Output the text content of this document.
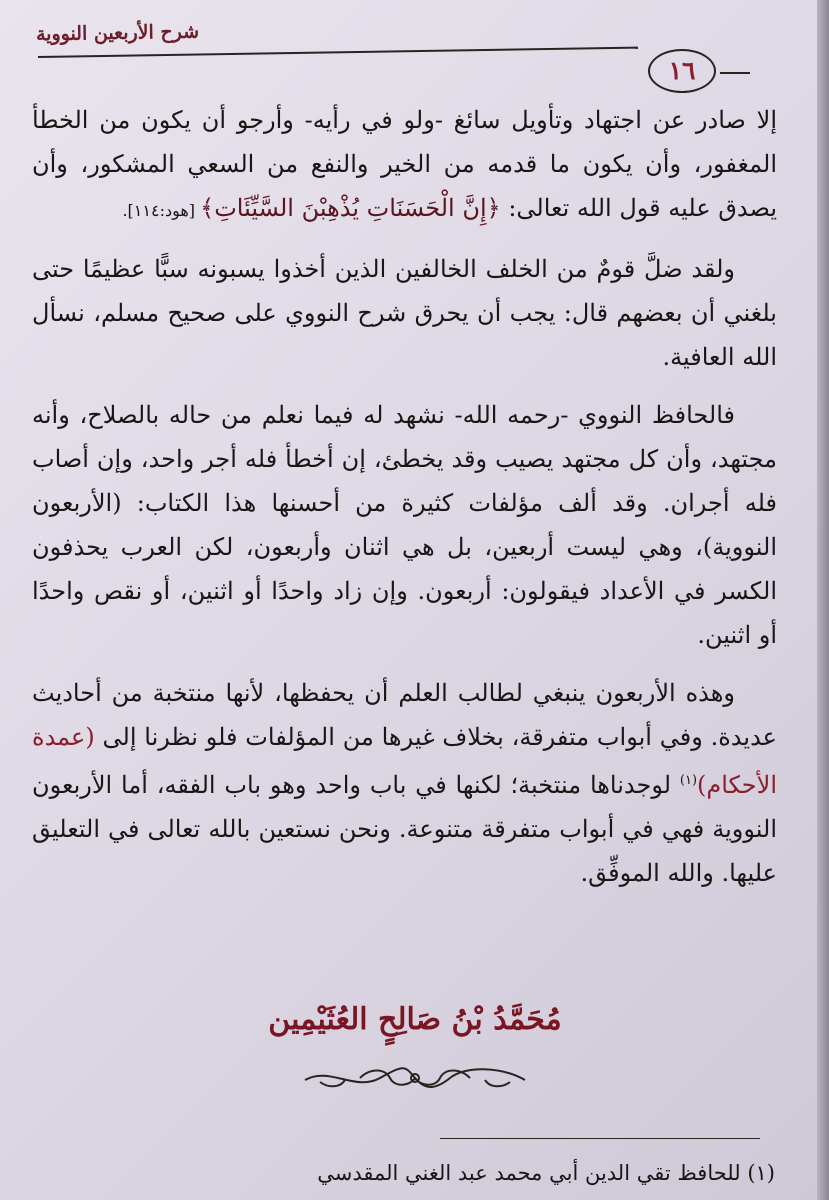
شرح الأربعين النووية
١٦

إلا صادر عن اجتهاد وتأويل سائغ -ولو في رأيه- وأرجو أن يكون من الخطأ المغفور، وأن يكون ما قدمه من الخير والنفع من السعي المشكور، وأن يصدق عليه قول الله تعالى: ﴿إِنَّ الْحَسَنَاتِ يُذْهِبْنَ السَّيِّئَاتِ﴾ [هود:١١٤].

ولقد ضلَّ قومٌ من الخلف الخالفين الذين أخذوا يسبونه سبًّا عظيمًا حتى بلغني أن بعضهم قال: يجب أن يحرق شرح النووي على صحيح مسلم، نسأل الله العافية.

فالحافظ النووي -رحمه الله- نشهد له فيما نعلم من حاله بالصلاح، وأنه مجتهد، وأن كل مجتهد يصيب وقد يخطئ، إن أخطأ فله أجر واحد، وإن أصاب فله أجران. وقد ألف مؤلفات كثيرة من أحسنها هذا الكتاب: (الأربعون النووية)، وهي ليست أربعين، بل هي اثنان وأربعون، لكن العرب يحذفون الكسر في الأعداد فيقولون: أربعون. وإن زاد واحدًا أو اثنين، أو نقص واحدًا أو اثنين.

وهذه الأربعون ينبغي لطالب العلم أن يحفظها، لأنها منتخبة من أحاديث عديدة. وفي أبواب متفرقة، بخلاف غيرها من المؤلفات فلو نظرنا إلى (عمدة الأحكام)$^{(١)}$ لوجدناها منتخبة؛ لكنها في باب واحد وهو باب الفقه، أما الأربعون النووية فهي في أبواب متفرقة متنوعة. ونحن نستعين بالله تعالى في التعليق عليها. والله الموفِّق.

مُحَمَّدُ بْنُ صَالِحٍ العُثَيْمِين
(١) للحافظ تقي الدين أبي محمد عبد الغني المقدسي
